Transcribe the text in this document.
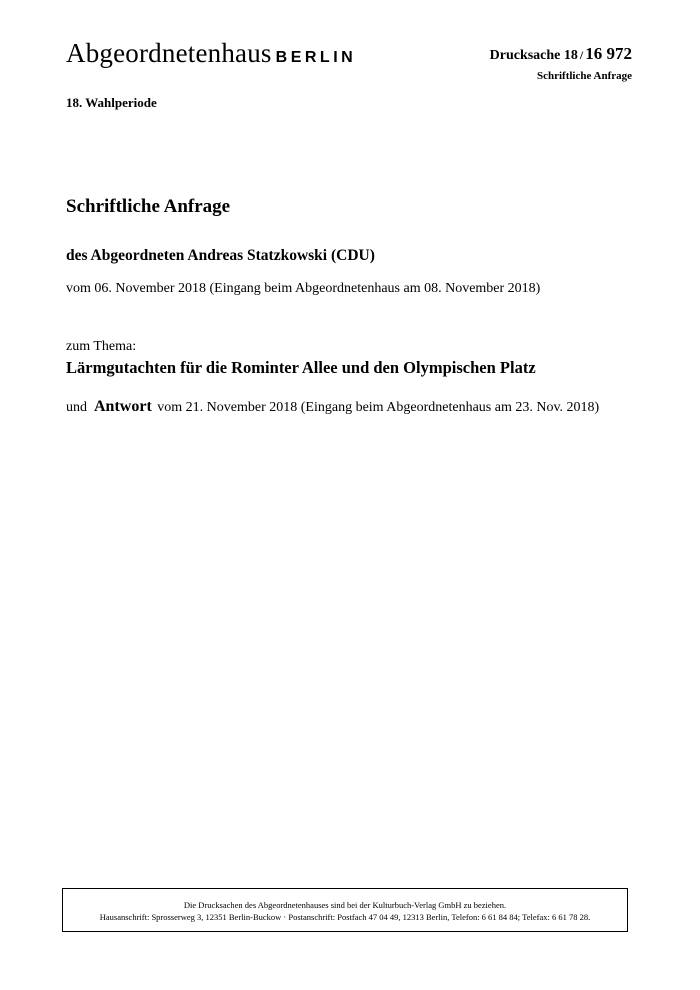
Abgeordnetenhaus BERLIN	Drucksache 18 / 16 972
Schriftliche Anfrage
18. Wahlperiode
Schriftliche Anfrage
des Abgeordneten Andreas Statzkowski (CDU)
vom 06. November 2018 (Eingang beim Abgeordnetenhaus am 08. November 2018)
zum Thema:
Lärmgutachten für die Rominter Allee und den Olympischen Platz
und Antwort vom 21. November 2018 (Eingang beim Abgeordnetenhaus am 23. Nov. 2018)
Die Drucksachen des Abgeordnetenhauses sind bei der Kulturbuch-Verlag GmbH zu beziehen.
Hausanschrift: Sprosserweg 3, 12351 Berlin-Buckow · Postanschrift: Postfach 47 04 49, 12313 Berlin, Telefon: 6 61 84 84; Telefax: 6 61 78 28.
